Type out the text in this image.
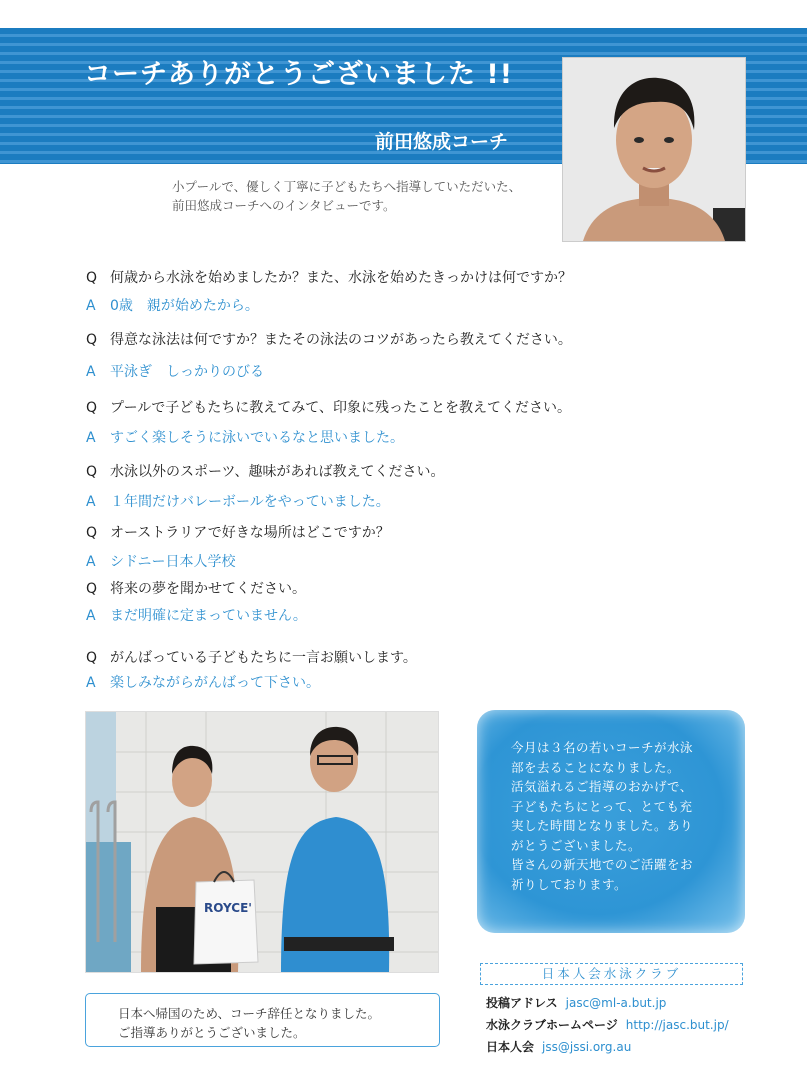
コーチありがとうございました !!
前田悠成コーチ
小プールで、優しく丁寧に子どもたちへ指導していただいた、
前田悠成コーチへのインタビューです。
Q 何歳から水泳を始めましたか？また、水泳を始めたきっかけは何ですか？
A 0歳　親が始めたから。
Q 得意な泳法は何ですか？またその泳法のコツがあったら教えてください。
A 平泳ぎ　しっかりのびる
Q プールで子どもたちに教えてみて、印象に残ったことを教えてください。
A すごく楽しそうに泳いでいるなと思いました。
Q 水泳以外のスポーツ、趣味があれば教えてください。
A １年間だけバレーボールをやっていました。
Q オーストラリアで好きな場所はどこですか？
A シドニー日本人学校
Q 将来の夢を聞かせてください。
A まだ明確に定まっていません。
Q がんばっている子どもたちに一言お願いします。
A 楽しみながらがんばって下さい。
ROYCE'
日本へ帰国のため、コーチ辞任となりました。
ご指導ありがとうございました。
今月は３名の若いコーチが水泳
部を去ることになりました。
活気溢れるご指導のおかげで、
子どもたちにとって、とても充
実した時間となりました。あり
がとうございました。
皆さんの新天地でのご活躍をお
祈りしております。
日本人会水泳クラブ
投稿アドレス jasc@ml-a.but.jp
水泳クラブホームページ http://jasc.but.jp/
日本人会 jss@jssi.org.au
